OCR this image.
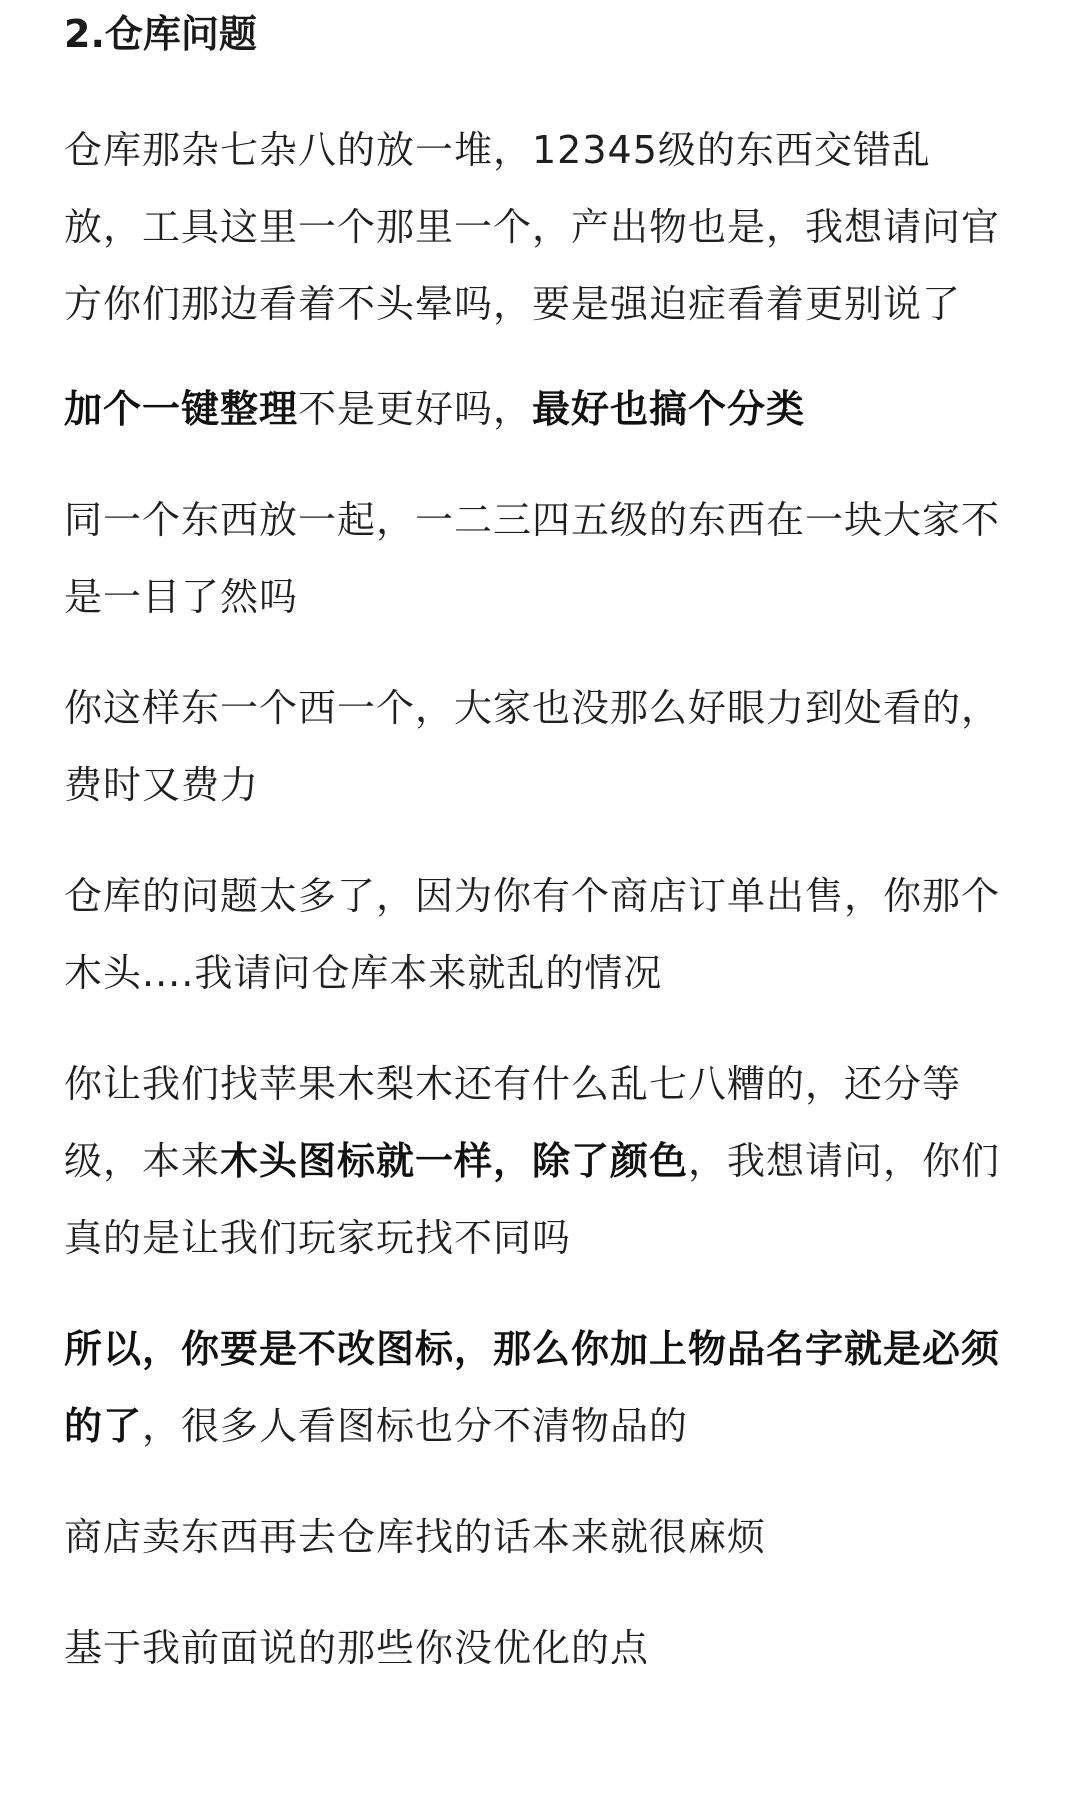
2.仓库问题

仓库那杂七杂八的放一堆，12345级的东西交错乱放，工具这里一个那里一个，产出物也是，我想请问官方你们那边看着不头晕吗，要是强迫症看着更别说了

加个一键整理不是更好吗，最好也搞个分类

同一个东西放一起，一二三四五级的东西在一块大家不是一目了然吗

你这样东一个西一个，大家也没那么好眼力到处看的，费时又费力

仓库的问题太多了，因为你有个商店订单出售，你那个木头....我请问仓库本来就乱的情况

你让我们找苹果木梨木还有什么乱七八糟的，还分等级，本来木头图标就一样，除了颜色，我想请问，你们真的是让我们玩家玩找不同吗

所以，你要是不改图标，那么你加上物品名字就是必须的了，很多人看图标也分不清物品的

商店卖东西再去仓库找的话本来就很麻烦

基于我前面说的那些你没优化的点
